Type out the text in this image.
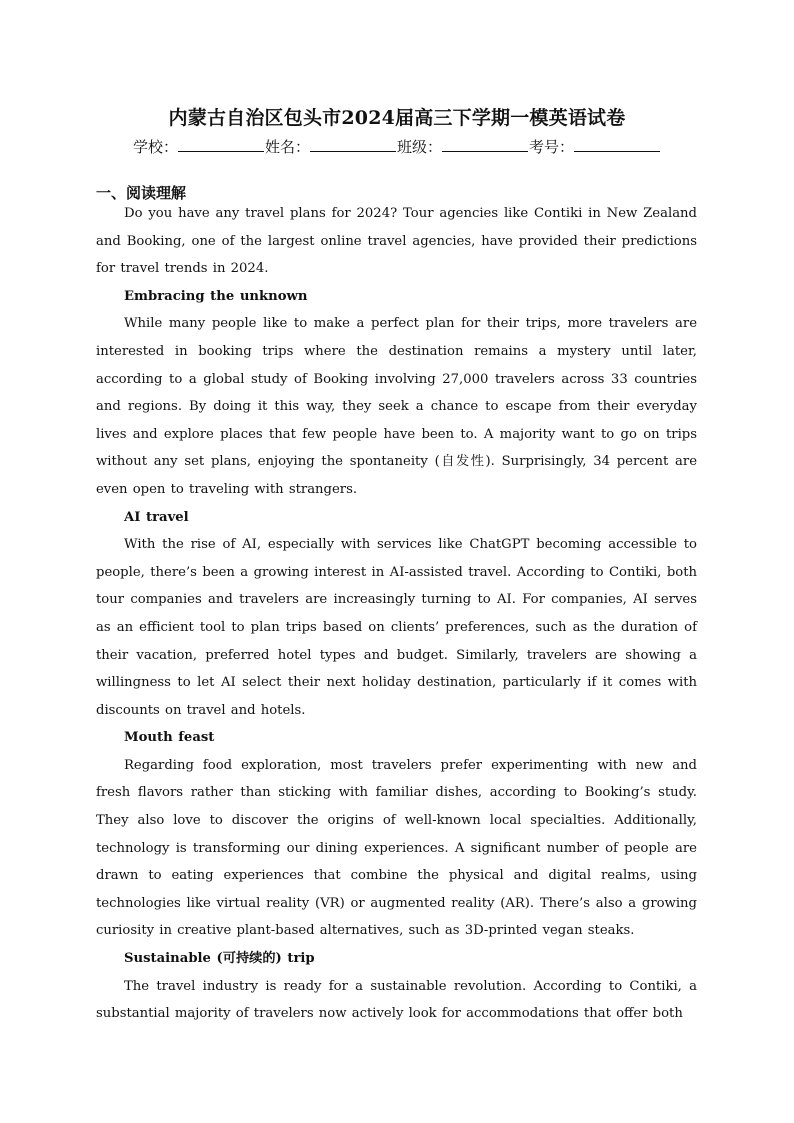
内蒙古自治区包头市2024届高三下学期一模英语试卷
学校：	姓名：	班级：	考号：
一、阅读理解

Do you have any travel plans for 2024? Tour agencies like Contiki in New Zealand and Booking, one of the largest online travel agencies, have provided their predictions for travel trends in 2024.

Embracing the unknown

While many people like to make a perfect plan for their trips, more travelers are interested in booking trips where the destination remains a mystery until later, according to a global study of Booking involving 27,000 travelers across 33 countries and regions. By doing it this way, they seek a chance to escape from their everyday lives and explore places that few people have been to. A majority want to go on trips without any set plans, enjoying the spontaneity (自发性). Surprisingly, 34 percent are even open to traveling with strangers.

AI travel

With the rise of AI, especially with services like ChatGPT becoming accessible to people, there’s been a growing interest in AI-assisted travel. According to Contiki, both tour companies and travelers are increasingly turning to AI. For companies, AI serves as an efficient tool to plan trips based on clients’ preferences, such as the duration of their vacation, preferred hotel types and budget. Similarly, travelers are showing a willingness to let AI select their next holiday destination, particularly if it comes with discounts on travel and hotels.

Mouth feast

Regarding food exploration, most travelers prefer experimenting with new and fresh flavors rather than sticking with familiar dishes, according to Booking’s study. They also love to discover the origins of well-known local specialties. Additionally, technology is transforming our dining experiences. A significant number of people are drawn to eating experiences that combine the physical and digital realms, using technologies like virtual reality (VR) or augmented reality (AR). There’s also a growing curiosity in creative plant-based alternatives, such as 3D-printed vegan steaks.

Sustainable (可持续的) trip

The travel industry is ready for a sustainable revolution. According to Contiki, a substantial majority of travelers now actively look for accommodations that offer both
